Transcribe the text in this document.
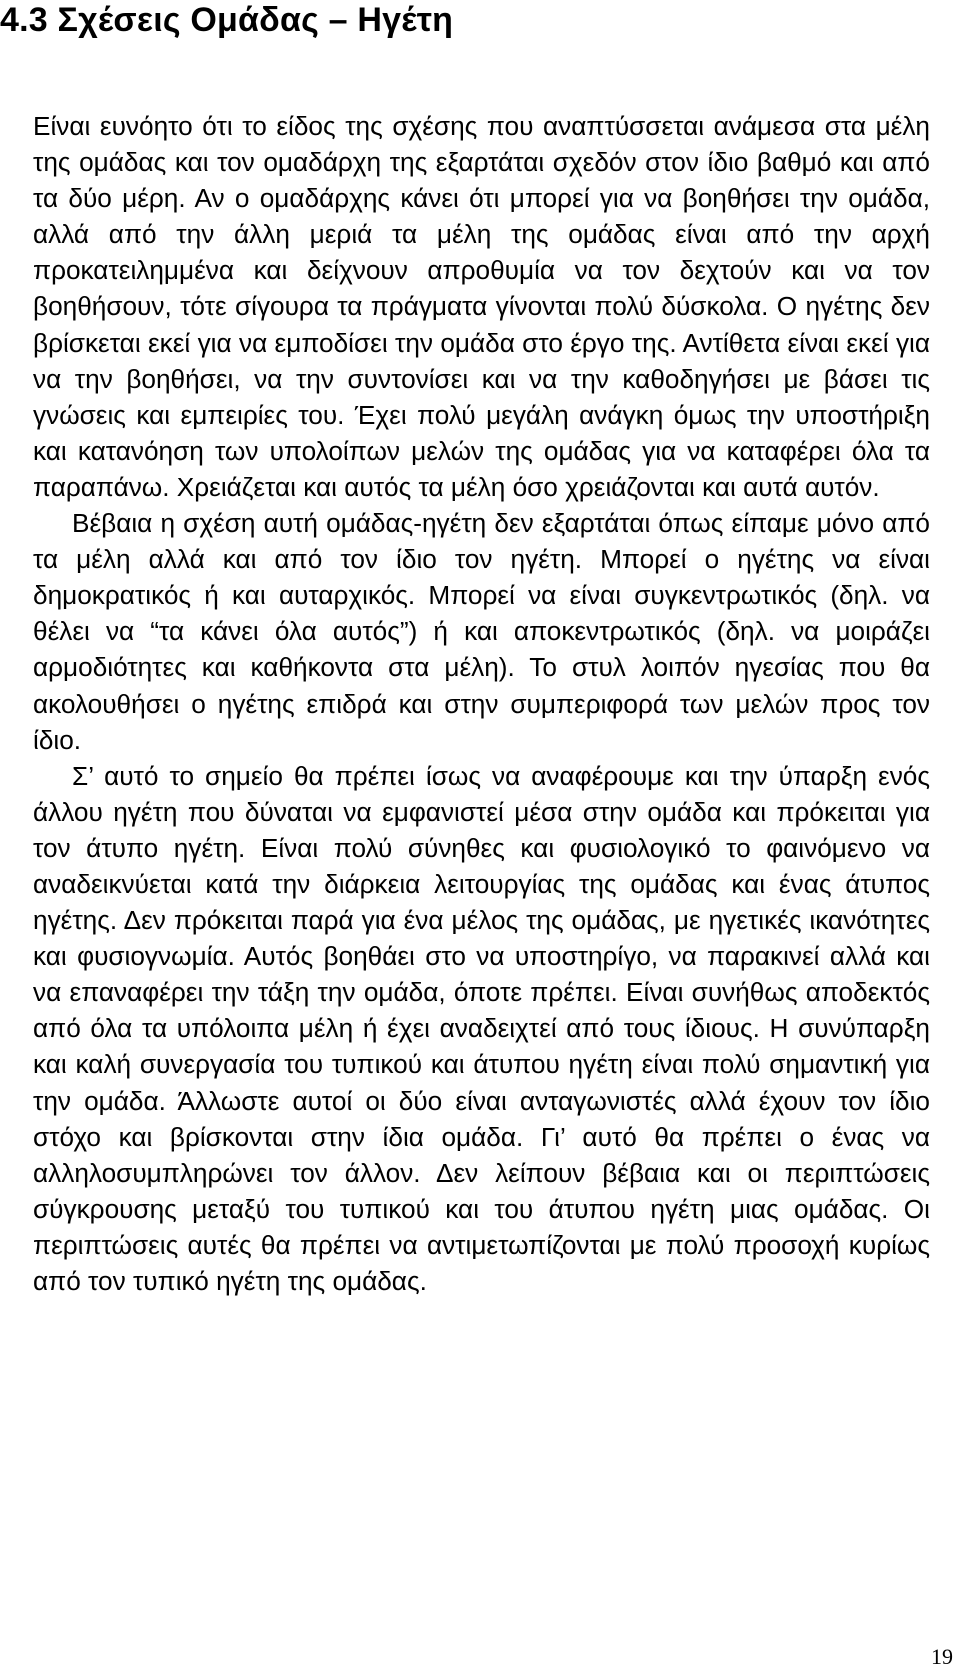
4.3 Σχέσεις Ομάδας – Ηγέτη

Είναι ευνόητο ότι το είδος της σχέσης που αναπτύσσεται ανάμεσα στα μέλη της ομάδας και τον ομαδάρχη της εξαρτάται σχεδόν στον ίδιο βαθμό και από τα δύο μέρη. Αν ο ομαδάρχης κάνει ότι μπορεί για να βοηθήσει την ομάδα, αλλά από την άλλη μεριά τα μέλη της ομάδας είναι από την αρχή προκατειλημμένα και δείχνουν απροθυμία να τον δεχτούν και να τον βοηθήσουν, τότε σίγουρα τα πράγματα γίνονται πολύ δύσκολα. Ο ηγέτης δεν βρίσκεται εκεί για να εμποδίσει την ομάδα στο έργο της. Αντίθετα είναι εκεί για να την βοηθήσει, να την συντονίσει και να την καθοδηγήσει με βάσει τις γνώσεις και εμπειρίες του. Έχει πολύ μεγάλη ανάγκη όμως την υποστήριξη και κατανόηση των υπολοίπων μελών της ομάδας για να καταφέρει όλα τα παραπάνω. Χρειάζεται και αυτός τα μέλη όσο χρειάζονται και αυτά αυτόν.

Βέβαια η σχέση αυτή ομάδας-ηγέτη δεν εξαρτάται όπως είπαμε μόνο από τα μέλη αλλά και από τον ίδιο τον ηγέτη. Μπορεί ο ηγέτης να είναι δημοκρατικός ή και αυταρχικός. Μπορεί να είναι συγκεντρωτικός (δηλ. να θέλει να “τα κάνει όλα αυτός”) ή και αποκεντρωτικός (δηλ. να μοιράζει αρμοδιότητες και καθήκοντα στα μέλη). Το στυλ λοιπόν ηγεσίας που θα ακολουθήσει ο ηγέτης επιδρά και στην συμπεριφορά των μελών προς τον ίδιο.

Σ’ αυτό το σημείο θα πρέπει ίσως να αναφέρουμε και την ύπαρξη ενός άλλου ηγέτη που δύναται να εμφανιστεί μέσα στην ομάδα και πρόκειται για τον άτυπο ηγέτη. Είναι πολύ σύνηθες και φυσιολογικό το φαινόμενο να αναδεικνύεται κατά την διάρκεια λειτουργίας της ομάδας και ένας άτυπος ηγέτης. Δεν πρόκειται παρά για ένα μέλος της ομάδας, με ηγετικές ικανότητες και φυσιογνωμία. Αυτός βοηθάει στο να υποστηρίγο, να παρακινεί αλλά και να επαναφέρει την τάξη την ομάδα, όποτε πρέπει. Είναι συνήθως αποδεκτός από όλα τα υπόλοιπα μέλη ή έχει αναδειχτεί από τους ίδιους. Η συνύπαρξη και καλή συνεργασία του τυπικού και άτυπου ηγέτη είναι πολύ σημαντική για την ομάδα. Άλλωστε αυτοί οι δύο είναι ανταγωνιστές αλλά έχουν τον ίδιο στόχο και βρίσκονται στην ίδια ομάδα. Γι’ αυτό θα πρέπει ο ένας να αλληλοσυμπληρώνει τον άλλον. Δεν λείπουν βέβαια και οι περιπτώσεις σύγκρουσης μεταξύ του τυπικού και του άτυπου ηγέτη μιας ομάδας. Οι περιπτώσεις αυτές θα πρέπει να αντιμετωπίζονται με πολύ προσοχή κυρίως από τον τυπικό ηγέτη της ομάδας.

19
